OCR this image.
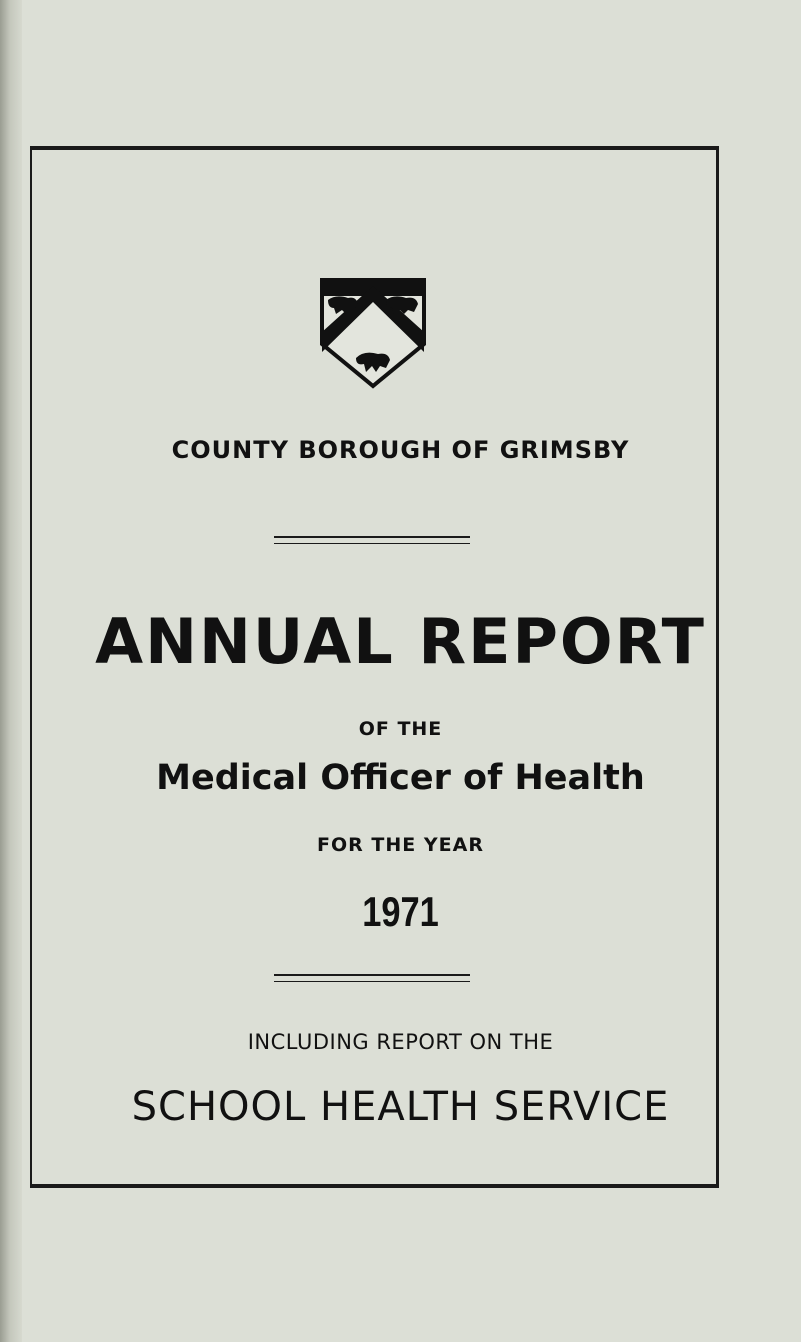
COUNTY BOROUGH OF GRIMSBY

ANNUAL REPORT

OF THE

Medical Officer of Health

FOR THE YEAR

1971

INCLUDING REPORT ON THE

SCHOOL HEALTH SERVICE
